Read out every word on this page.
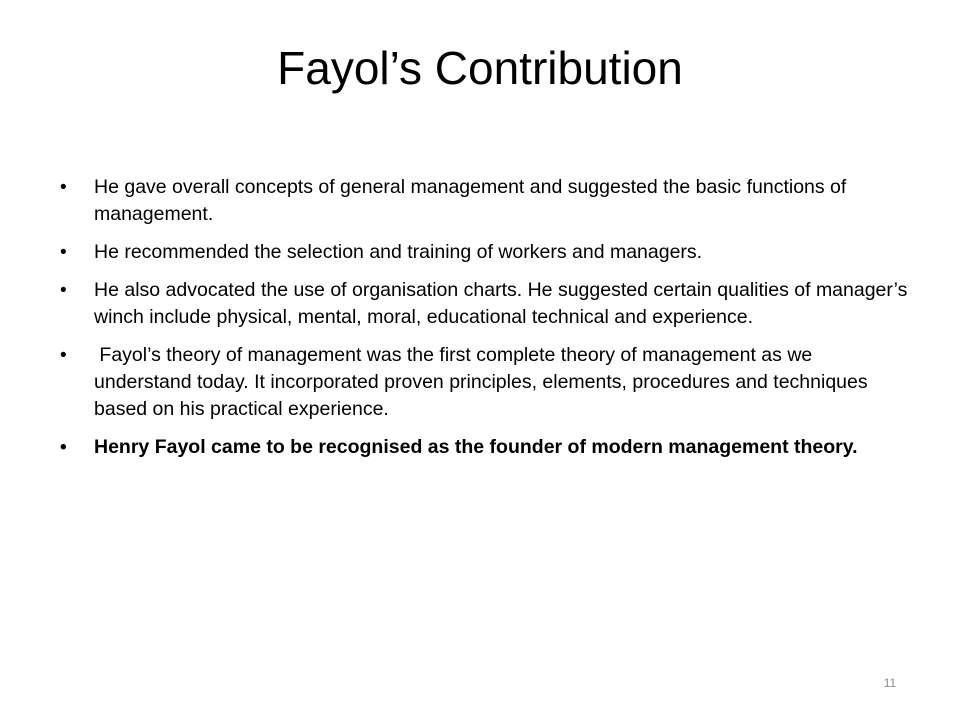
Fayol’s Contribution
•	He gave overall concepts of general management and suggested the basic functions of management.
•	He recommended the selection and training of workers and managers.
•	He also advocated the use of organisation charts. He suggested certain qualities of manager’s winch include physical, mental, moral, educational technical and experience.
•	Fayol’s theory of management was the first complete theory of management as we understand today. It incorporated proven principles, elements, procedures and techniques based on his practical experience.
•	Henry Fayol came to be recognised as the founder of modern management theory.
11
